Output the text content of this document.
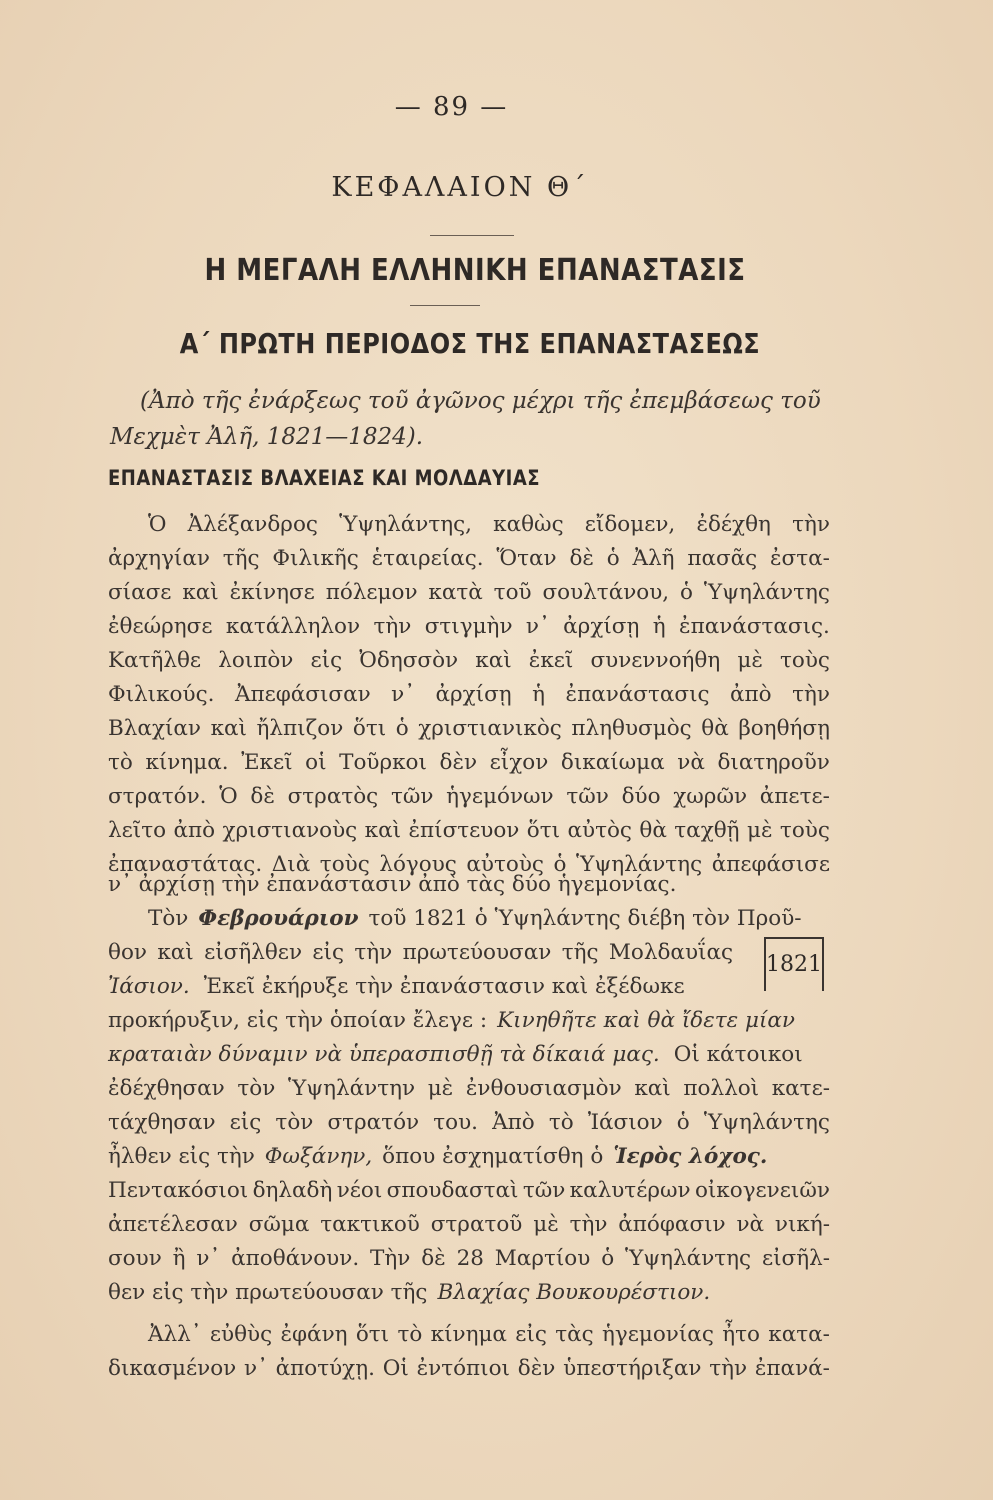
— 89 —
ΚΕΦΑΛΑΙΟΝ Θ΄
Η ΜΕΓΑΛΗ ΕΛΛΗΝΙΚΗ ΕΠΑΝΑΣΤΑΣΙΣ
Α΄ ΠΡΩΤΗ ΠΕΡΙΟΔΟΣ ΤΗΣ ΕΠΑΝΑΣΤΑΣΕΩΣ
(Ἀπὸ τῆς ἐνάρξεως τοῦ ἀγῶνος μέχρι τῆς ἐπεμβάσεως τοῦ
Μεχμὲτ Ἀλῆ, 1821—1824).
ΕΠΑΝΑΣΤΑΣΙΣ ΒΛΑΧΕΙΑΣ ΚΑΙ ΜΟΛΔΑΥΙΑΣ
Ὁ Ἀλέξανδρος Ὑψηλάντης, καθὼς εἴδομεν, ἐδέχθη τὴν
ἀρχηγίαν τῆς Φιλικῆς ἑταιρείας. Ὅταν δὲ ὁ Ἀλῆ πασᾶς ἐστα-
σίασε καὶ ἐκίνησε πόλεμον κατὰ τοῦ σουλτάνου, ὁ Ὑψηλάντης
ἐθεώρησε κατάλληλον τὴν στιγμὴν ν᾿ ἀρχίσῃ ἡ ἐπανάστασις.
Κατῆλθε λοιπὸν εἰς Ὀδησσὸν καὶ ἐκεῖ συνεννοήθη μὲ τοὺς
Φιλικούς. Ἀπεφάσισαν ν᾿ ἀρχίσῃ ἡ ἐπανάστασις ἀπὸ τὴν
Βλαχίαν καὶ ἤλπιζον ὅτι ὁ χριστιανικὸς πληθυσμὸς θὰ βοηθήσῃ
τὸ κίνημα. Ἐκεῖ οἱ Τοῦρκοι δὲν εἶχον δικαίωμα νὰ διατηροῦν
στρατόν. Ὁ δὲ στρατὸς τῶν ἡγεμόνων τῶν δύο χωρῶν ἀπετε-
λεῖτο ἀπὸ χριστιανοὺς καὶ ἐπίστευον ὅτι αὐτὸς θὰ ταχθῇ μὲ τοὺς
ἐπαναστάτας. Διὰ τοὺς λόγους αὐτοὺς ὁ Ὑψηλάντης ἀπεφάσισε
ν᾿ ἀρχίσῃ τὴν ἐπανάστασιν ἀπὸ τὰς δύο ἡγεμονίας.
Τὸν Φεβρουάριον τοῦ 1821 ὁ Ὑψηλάντης διέβη τὸν Προῦ-
θον καὶ εἰσῆλθεν εἰς τὴν πρωτεύουσαν τῆς Μολδαυΐας
Ἰάσιον. Ἐκεῖ ἐκήρυξε τὴν ἐπανάστασιν καὶ ἐξέδωκε
1821
προκήρυξιν, εἰς τὴν ὁποίαν ἔλεγε : Κινηθῆτε καὶ θὰ ἴδετε μίαν
κραταιὰν δύναμιν νὰ ὑπερασπισθῇ τὰ δίκαιά μας. Οἱ κάτοικοι
ἐδέχθησαν τὸν Ὑψηλάντην μὲ ἐνθουσιασμὸν καὶ πολλοὶ κατε-
τάχθησαν εἰς τὸν στρατόν του. Ἀπὸ τὸ Ἰάσιον ὁ Ὑψηλάντης
ἦλθεν εἰς τὴν Φωξάνην, ὅπου ἐσχηματίσθη ὁ Ἱερὸς λόχος.
Πεντακόσιοι δηλαδὴ νέοι σπουδασταὶ τῶν καλυτέρων οἰκογενειῶν
ἀπετέλεσαν σῶμα τακτικοῦ στρατοῦ μὲ τὴν ἀπόφασιν νὰ νική-
σουν ἢ ν᾿ ἀποθάνουν. Τὴν δὲ 28 Μαρτίου ὁ Ὑψηλάντης εἰσῆλ-
θεν εἰς τὴν πρωτεύουσαν τῆς Βλαχίας Βουκουρέστιον.
Ἀλλ᾿ εὐθὺς ἐφάνη ὅτι τὸ κίνημα εἰς τὰς ἡγεμονίας ἦτο κατα-
δικασμένον ν᾿ ἀποτύχῃ. Οἱ ἐντόπιοι δὲν ὑπεστήριξαν τὴν ἐπανά-
